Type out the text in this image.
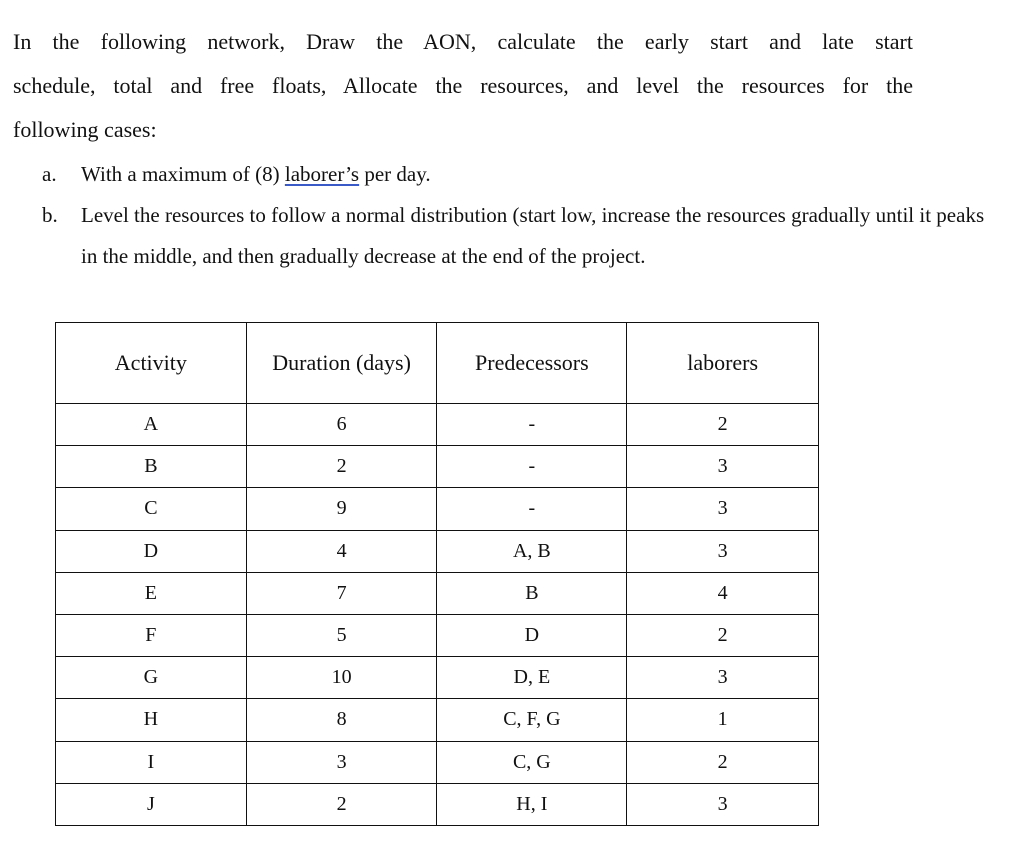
In the following network, Draw the AON, calculate the early start and late start
schedule, total and free floats, Allocate the resources, and level the resources for the
following cases:
a. With a maximum of (8) laborer’s per day.
b. Level the resources to follow a normal distribution (start low, increase the resources gradually until it peaks in the middle, and then gradually decrease at the end of the project.
Activity	Duration (days)	Predecessors	laborers
A	6	-	2
B	2	-	3
C	9	-	3
D	4	A, B	3
E	7	B	4
F	5	D	2
G	10	D, E	3
H	8	C, F, G	1
I	3	C, G	2
J	2	H, I	3
